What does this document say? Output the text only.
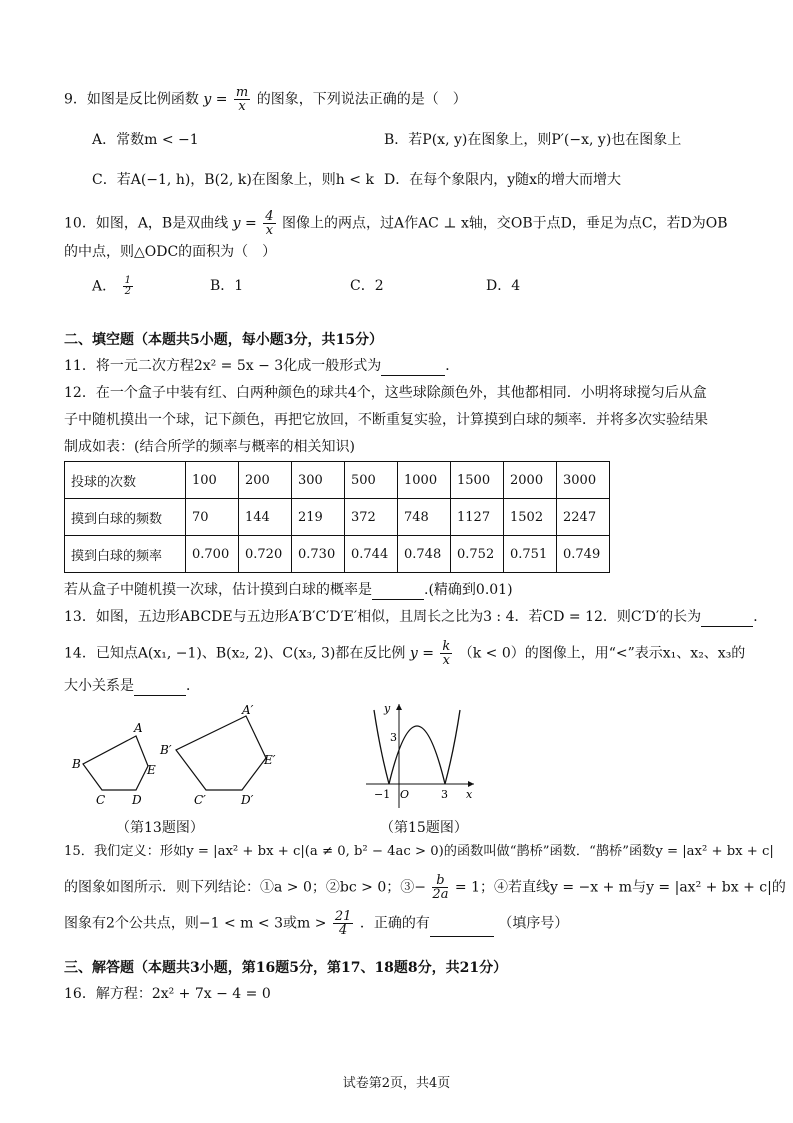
9．如图是反比例函数 $y = \frac{m}{x}$ 的图象，下列说法正确的是（　）
A．常数m < −1	B．若P(x, y)在图象上，则P′(−x, y)也在图象上
C．若A(−1, h)，B(2, k)在图象上，则h < k D．在每个象限内，y随x的增大而增大
10．如图，A，B是双曲线 $y = \frac{4}{x}$ 图像上的两点，过A作AC ⊥ x轴，交OB于点D，垂足为点C，若D为OB
的中点，则△ODC的面积为（　）
A． $\frac{1}{2}$	B．1	C．2	D．4
二、填空题（本题共5小题，每小题3分，共15分）
11．将一元二次方程2x² = 5x − 3化成一般形式为	．
12．在一个盒子中装有红、白两种颜色的球共4个，这些球除颜色外，其他都相同．小明将球搅匀后从盒
子中随机摸出一个球，记下颜色，再把它放回，不断重复实验，计算摸到白球的频率．并将多次实验结果
制成如表：(结合所学的频率与概率的相关知识)
投球的次数	100	200	300	500	1000	1500	2000	3000
摸到白球的频数	70	144	219	372	748	1127	1502	2247
摸到白球的频率	0.700	0.720	0.730	0.744	0.748	0.752	0.751	0.749
若从盒子中随机摸一次球，估计摸到白球的概率是	.(精确到0.01)
13．如图，五边形ABCDE与五边形A′B′C′D′E′相似，且周长之比为3 : 4．若CD = 12．则C′D′的长为	．
14．已知点A(x₁, −1)、B(x₂, 2)、C(x₃, 3)都在反比例 $y = \frac{k}{x} (k < 0)$的图像上，用“<”表示x₁、x₂、x₃的
大小关系是	．
A
B
C D
E
A′
B′
C′	D′
E′
（第13题图）
y
x
3
−1 O	3
（第15题图）
15．我们定义：形如y = |ax² + bx + c|(a ≠ 0, b² − 4ac > 0)的函数叫做“鹊桥”函数．“鹊桥”函数y = |ax² + bx + c|
的图象如图所示．则下列结论：①a > 0；②bc > 0；③− $\frac{b}{2a} = 1$；④若直线y = −x + m与y = |ax² + bx + c|的
图象有2个公共点，则−1 < m < 3或$m > \frac{21}{4}$ ．正确的有	（填序号）
三、解答题（本题共3小题，第16题5分，第17、18题8分，共21分）
16．解方程：2x² + 7x − 4 = 0
试卷第2页，共4页
